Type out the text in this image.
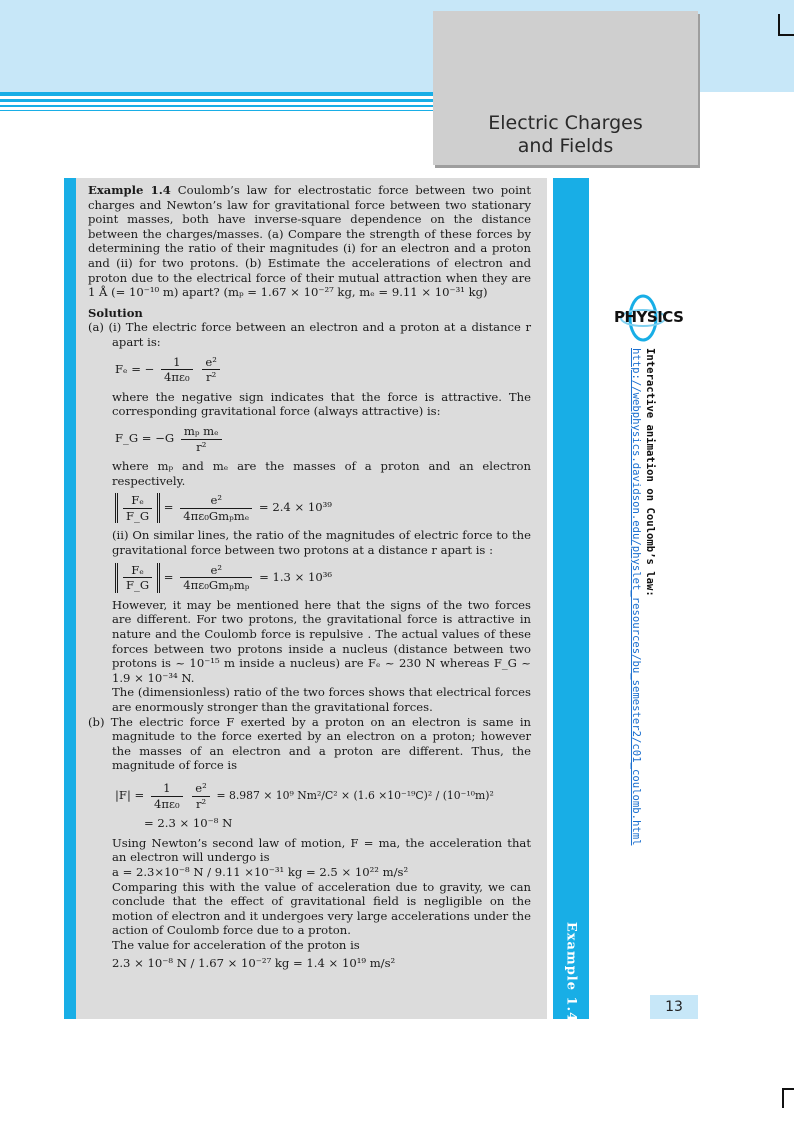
Electric Charges
and Fields
Example 1.4

Example 1.4 Coulomb’s law for electrostatic force between two point charges and Newton’s law for gravitational force between two stationary point masses, both have inverse-square dependence on the distance between the charges/masses. (a) Compare the strength of these forces by determining the ratio of their magnitudes (i) for an electron and a proton and (ii) for two protons. (b) Estimate the accelerations of electron and proton due to the electrical force of their mutual attraction when they are 1 Å (= 10⁻¹⁰ m) apart? (mₚ = 1.67 × 10⁻²⁷ kg, mₑ = 9.11 × 10⁻³¹ kg)

Solution

(a) (i) The electric force between an electron and a proton at a distance r apart is:

Fₑ = − $\frac{1}{\text{4πε₀}}$
$\frac{\text{e²}}{\text{r²}}$

where the negative sign indicates that the force is attractive. The corresponding gravitational force (always attractive) is:

F_G = $-G \frac{\text{mₚ mₑ}}{\text{r²}}$

where mₚ and mₑ are the masses of a proton and an electron respectively.

$\frac{\text{Fₑ}}{F\_G} = \frac{\text{e²}}{\text{4πε₀Gmₚmₑ}} = 2.4 \times 10^{39}$

(ii) On similar lines, the ratio of the magnitudes of electric force to the gravitational force between two protons at a distance r apart is :

$\frac{\text{Fₑ}}{F\_G} = \frac{\text{e²}}{\text{4πε₀Gmₚmₚ}} = 1.3 \times 10^{36}$

However, it may be mentioned here that the signs of the two forces are different. For two protons, the gravitational force is attractive in nature and the Coulomb force is repulsive . The actual values of these forces between two protons inside a nucleus (distance between two protons is ~ 10⁻¹⁵ m inside a nucleus) are Fₑ ~ 230 N whereas F_G ~ 1.9 × 10⁻³⁴ N.

The (dimensionless) ratio of the two forces shows that electrical forces are enormously stronger than the gravitational forces.

(b) The electric force F exerted by a proton on an electron is same in magnitude to the force exerted by an electron on a proton; however the masses of an electron and a proton are different. Thus, the magnitude of force is

$|F| = \frac{1}{\text{4πε₀}}$
$\frac{\text{e²}}{\text{r²}} = 8.987 \times 10^9$ Nm²/C² × (1.6 ×10⁻¹⁹C)² / (10⁻¹⁰m)²
= 2.3 × 10⁻⁸ N

Using Newton’s second law of motion, F = ma, the acceleration that an electron will undergo is

a = 2.3×10⁻⁸ N / 9.11 ×10⁻³¹ kg = 2.5 × 10²² m/s²

Comparing this with the value of acceleration due to gravity, we can conclude that the effect of gravitational field is negligible on the motion of electron and it undergoes very large accelerations under the action of Coulomb force due to a proton.

The value for acceleration of the proton is

2.3 × 10⁻⁸ N / 1.67 × 10⁻²⁷ kg = 1.4 × 10¹⁹ m/s²

PHYSICS
Interactive animation on Coulomb’s law:
http://webphysics.davidson.edu/physlet_resources/bu_semester2/c01_coulomb.html
13
